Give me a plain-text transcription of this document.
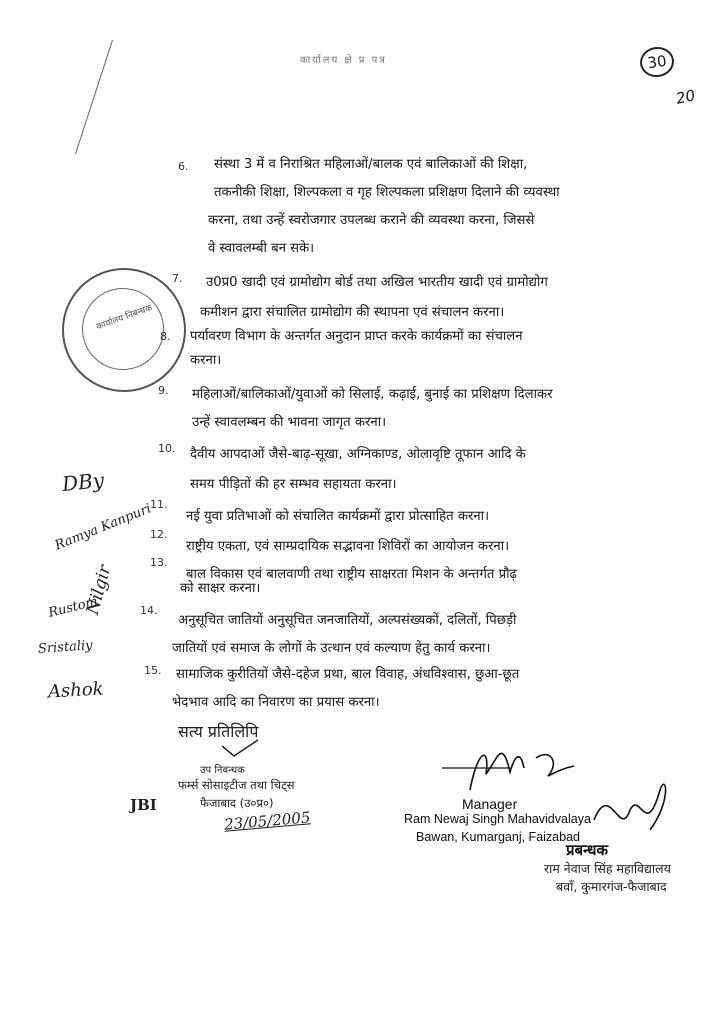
कार्यालय क्षे प्र पत्र	30
20
कार्यालय निबन्धक
6. संस्था 3 में व निराश्रित महिलाओं/बालक एवं बालिकाओं की शिक्षा,
तकनीकी शिक्षा, शिल्पकला व गृह शिल्पकला प्रशिक्षण दिलाने की व्यवस्था
करना, तथा उन्हें स्वरोजगार उपलब्ध कराने की व्यवस्था करना, जिससे
वे स्वावलम्बी बन सके।
7. उ0प्र0 खादी एवं ग्रामोद्योग बोर्ड तथा अखिल भारतीय खादी एवं ग्रामोद्योग
कमीशन द्वारा संचालित ग्रामोद्योग की स्थापना एवं संचालन करना।
8. पर्यावरण विभाग के अन्तर्गत अनुदान प्राप्त करके कार्यक्रमों का संचालन
करना।
9. महिलाओं/बालिकाओं/युवाओं को सिलाई, कढ़ाई, बुनाई का प्रशिक्षण दिलाकर
उन्हें स्वावलम्बन की भावना जागृत करना।
10. दैवीय आपदाओं जैसे-बाढ़-सूखा, अग्निकाण्ड, ओलावृष्टि तूफान आदि के
समय पीड़ितों की हर सम्भव सहायता करना।
11.
नई युवा प्रतिभाओं को संचालित कार्यक्रमों द्वारा प्रोत्साहित करना।
12.
राष्ट्रीय एकता, एवं साम्प्रदायिक सद्भावना शिविरों का आयोजन करना।
13.
बाल विकास एवं बालवाणी तथा राष्ट्रीय साक्षरता मिशन के अन्तर्गत प्रौढ़
को साक्षर करना।
14.
अनुसूचित जातियों अनुसूचित जनजातियों, अल्पसंख्यकों, दलितों, पिछड़ी
जातियों एवं समाज के लोगों के उत्थान एवं कल्याण हेतु कार्य करना।
15. सामाजिक कुरीतियों जैसे-दहेज प्रथा, बाल विवाह, अंधविश्वास, छुआ-छूत
भेदभाव आदि का निवारण का प्रयास करना।
DBy
Ramya Kanpuri
Nilgir
Rustom
Sristaliy
Ashok
सत्य प्रतिलिपि
उप निबन्धक
फर्म्स सोसाइटीज तथा चिट्स
फैजाबाद (उ०प्र०)
23/05/2005
JBI	Manager
Ram Newaj Singh Mahavidvalaya
Bawan, Kumarganj, Faizabad
प्रबन्धक
राम नेवाज सिंह महाविद्यालय
बवाँ, कुमारगंज-फैजाबाद
